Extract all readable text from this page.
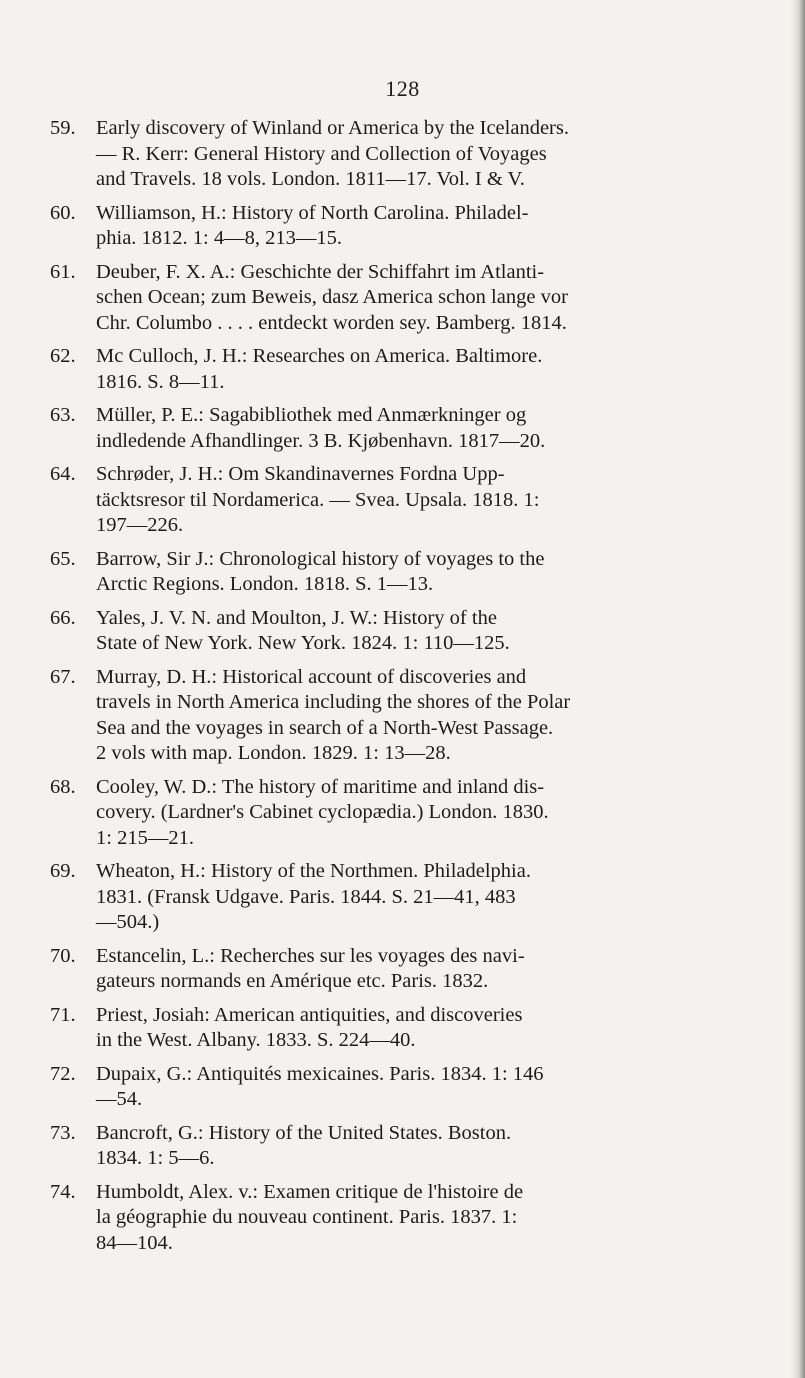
128
59. Early discovery of Winland or America by the Icelanders.
— R. Kerr: General History and Collection of Voyages
and Travels. 18 vols. London. 1811—17. Vol. I & V.
60. Williamson, H.: History of North Carolina. Philadel-
phia. 1812. 1: 4—8, 213—15.
61. Deuber, F. X. A.: Geschichte der Schiffahrt im Atlanti-
schen Ocean; zum Beweis, dasz America schon lange vor
Chr. Columbo . . . . entdeckt worden sey. Bamberg. 1814.
62. Mc Culloch, J. H.: Researches on America. Baltimore.
1816. S. 8—11.
63. Müller, P. E.: Sagabibliothek med Anmærkninger og
indledende Afhandlinger. 3 B. Kjøbenhavn. 1817—20.
64. Schrøder, J. H.: Om Skandinavernes Fordna Upp-
täcktsresor til Nordamerica. — Svea. Upsala. 1818. 1:
197—226.
65. Barrow, Sir J.: Chronological history of voyages to the
Arctic Regions. London. 1818. S. 1—13.
66. Yales, J. V. N. and Moulton, J. W.: History of the
State of New York. New York. 1824. 1: 110—125.
67. Murray, D. H.: Historical account of discoveries and
travels in North America including the shores of the Polar
Sea and the voyages in search of a North-West Passage.
2 vols with map. London. 1829. 1: 13—28.
68. Cooley, W. D.: The history of maritime and inland dis-
covery. (Lardner's Cabinet cyclopædia.) London. 1830.
1: 215—21.
69. Wheaton, H.: History of the Northmen. Philadelphia.
1831. (Fransk Udgave. Paris. 1844. S. 21—41, 483
—504.)
70. Estancelin, L.: Recherches sur les voyages des navi-
gateurs normands en Amérique etc. Paris. 1832.
71. Priest, Josiah: American antiquities, and discoveries
in the West. Albany. 1833. S. 224—40.
72. Dupaix, G.: Antiquités mexicaines. Paris. 1834. 1: 146
—54.
73. Bancroft, G.: History of the United States. Boston.
1834. 1: 5—6.
74. Humboldt, Alex. v.: Examen critique de l'histoire de
la géographie du nouveau continent. Paris. 1837. 1:
84—104.
